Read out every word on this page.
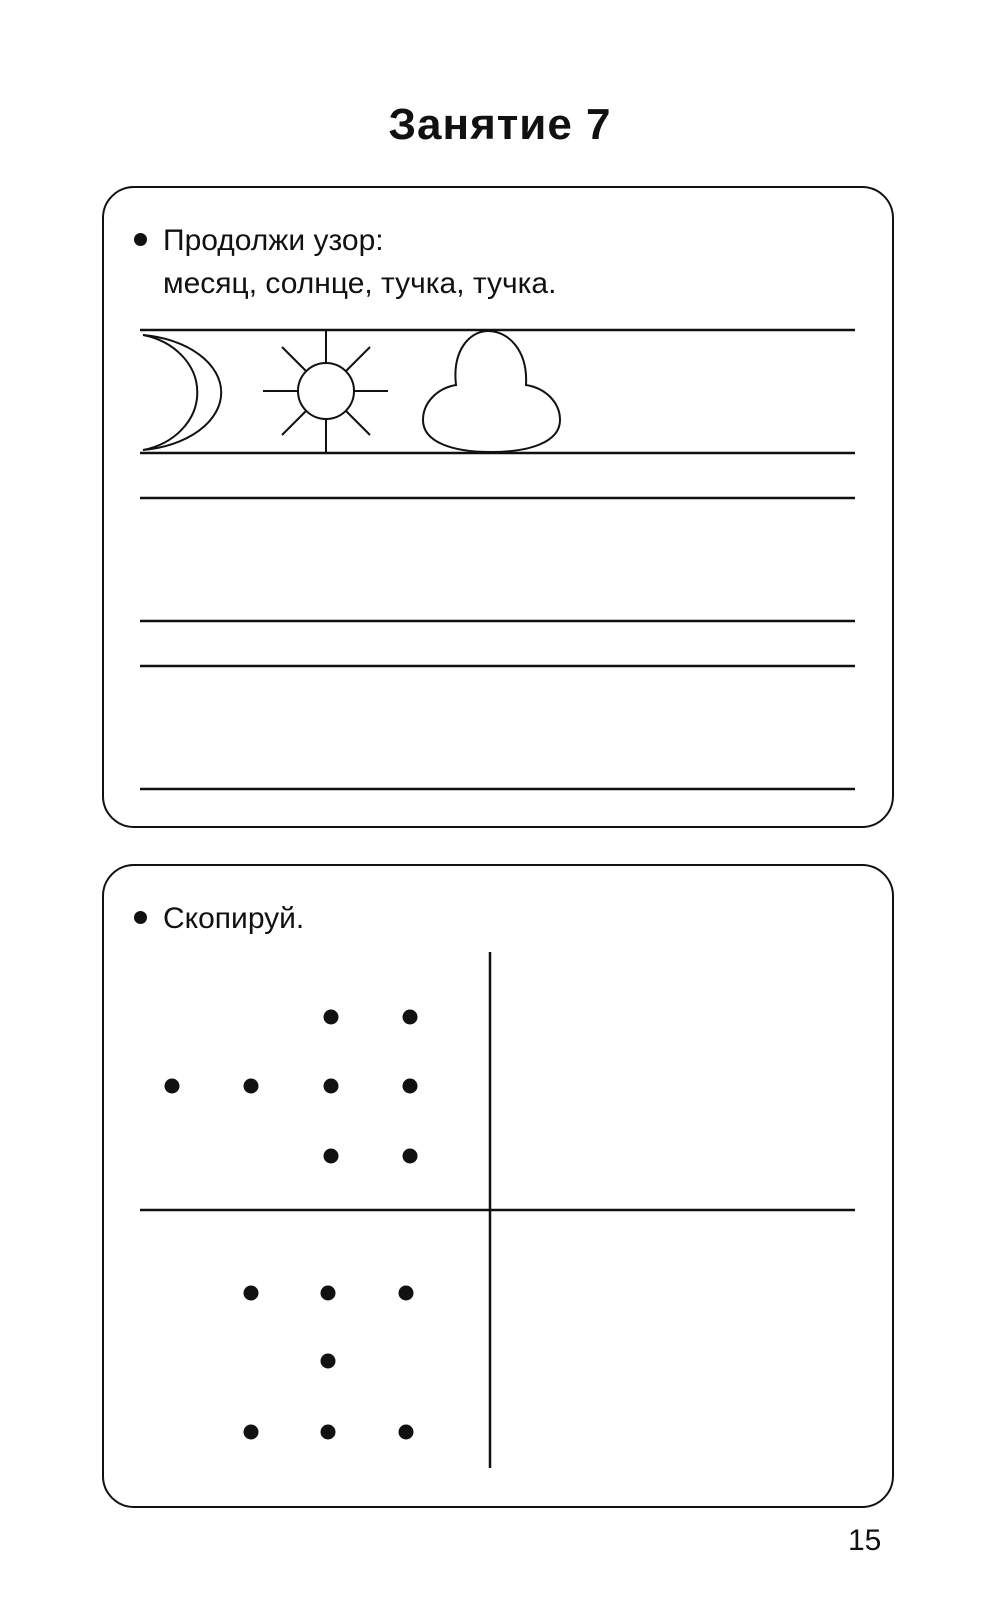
Занятие 7
Продолжи узор:
месяц, солнце, тучка, тучка.
Скопируй.
15
